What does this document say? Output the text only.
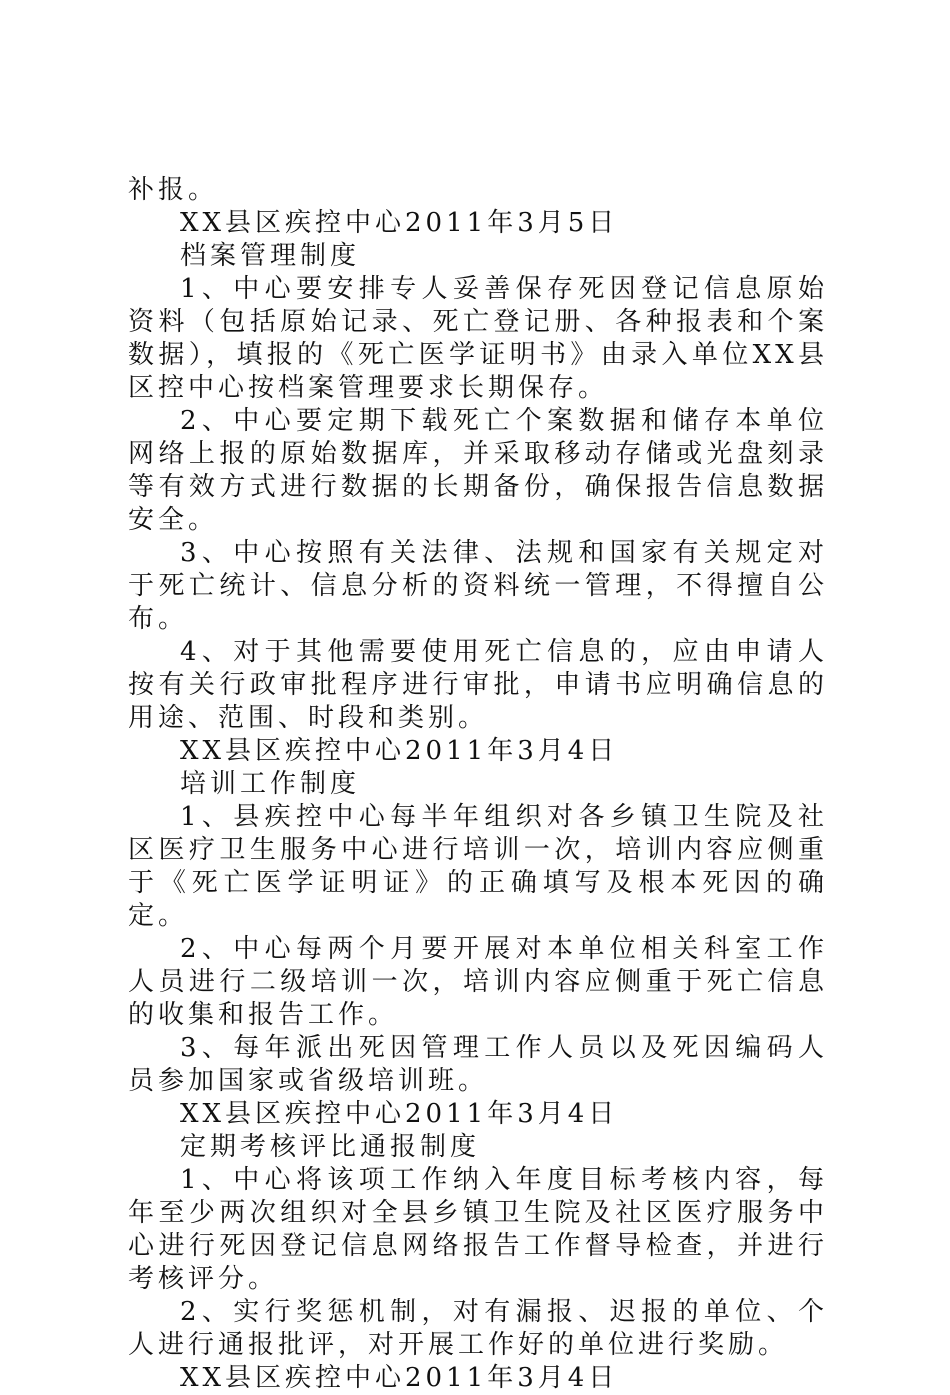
补报。

XX县区疾控中心2011年3月5日

档案管理制度

1、中心要安排专人妥善保存死因登记信息原始资料（包括原始记录、死亡登记册、各种报表和个案数据），填报的《死亡医学证明书》由录入单位XX县区控中心按档案管理要求长期保存。

2、中心要定期下载死亡个案数据和储存本单位网络上报的原始数据库，并采取移动存储或光盘刻录等有效方式进行数据的长期备份，确保报告信息数据安全。

3、中心按照有关法律、法规和国家有关规定对于死亡统计、信息分析的资料统一管理，不得擅自公布。

4、对于其他需要使用死亡信息的，应由申请人按有关行政审批程序进行审批，申请书应明确信息的用途、范围、时段和类别。

XX县区疾控中心2011年3月4日

培训工作制度

1、县疾控中心每半年组织对各乡镇卫生院及社区医疗卫生服务中心进行培训一次，培训内容应侧重于《死亡医学证明证》的正确填写及根本死因的确定。

2、中心每两个月要开展对本单位相关科室工作人员进行二级培训一次，培训内容应侧重于死亡信息的收集和报告工作。

3、每年派出死因管理工作人员以及死因编码人员参加国家或省级培训班。

XX县区疾控中心2011年3月4日

定期考核评比通报制度

1、中心将该项工作纳入年度目标考核内容，每年至少两次组织对全县乡镇卫生院及社区医疗服务中心进行死因登记信息网络报告工作督导检查，并进行考核评分。

2、实行奖惩机制，对有漏报、迟报的单位、个人进行通报批评，对开展工作好的单位进行奖励。

XX县区疾控中心2011年3月4日
